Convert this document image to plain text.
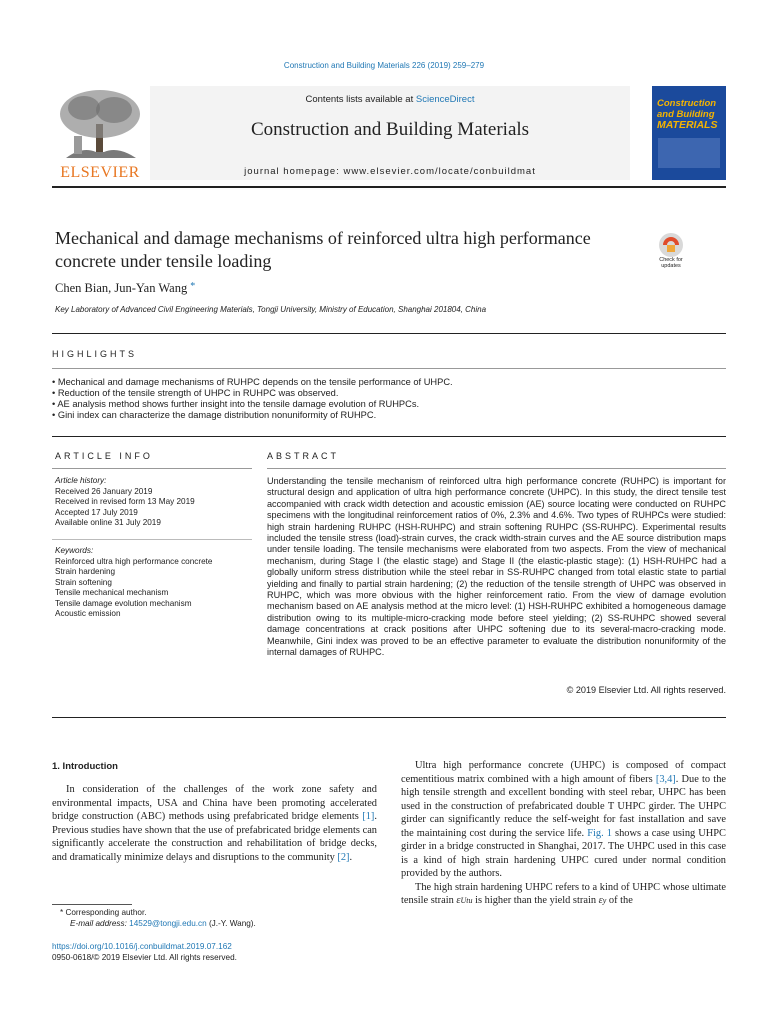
Construction and Building Materials 226 (2019) 259–279
ELSEVIER
Contents lists available at ScienceDirect
Construction and Building Materials
journal homepage: www.elsevier.com/locate/conbuildmat
Construction
and Building
MATERIALS
Mechanical and damage mechanisms of reinforced ultra high performance concrete under tensile loading	Check for updates
Chen Bian, Jun-Yan Wang *
Key Laboratory of Advanced Civil Engineering Materials, Tongji University, Ministry of Education, Shanghai 201804, China
HIGHLIGHTS
• Mechanical and damage mechanisms of RUHPC depends on the tensile performance of UHPC.
• Reduction of the tensile strength of UHPC in RUHPC was observed.
• AE analysis method shows further insight into the tensile damage evolution of RUHPCs.
• Gini index can characterize the damage distribution nonuniformity of RUHPC.
ARTICLE INFO
Article history:
Received 26 January 2019
Received in revised form 13 May 2019
Accepted 17 July 2019
Available online 31 July 2019
Keywords:
Reinforced ultra high performance concrete
Strain hardening
Strain softening
Tensile mechanical mechanism
Tensile damage evolution mechanism
Acoustic emission
ABSTRACT
Understanding the tensile mechanism of reinforced ultra high performance concrete (RUHPC) is important for structural design and application of ultra high performance concrete (UHPC). In this study, the direct tensile test accompanied with crack width detection and acoustic emission (AE) source locating were conducted on RUHPC specimens with the longitudinal reinforcement ratios of 0%, 2.3% and 4.6%. Two types of RUHPCs were studied: high strain hardening RUHPC (HSH-RUHPC) and strain softening RUHPC (SS-RUHPC). Experimental results included the tensile stress (load)-strain curves, the crack width-strain curves and the AE source distribution maps under tensile loading. The tensile mechanisms were elaborated from two aspects. From the view of mechanical mechanism, during Stage I (the elastic stage) and Stage II (the elastic-plastic stage): (1) HSH-RUHPC had a globally uniform stress distribution while the steel rebar in SS-RUHPC changed from total elastic state to partial yielding and finally to partial strain hardening; (2) the reduction of the tensile strength of UHPC was observed in RUHPC, which was more obvious with the higher reinforcement ratio. From the view of damage evolution mechanism based on AE analysis method at the micro level: (1) HSH-RUHPC exhibited a homogeneous damage distribution owing to its multiple-micro-cracking mode before steel yielding; (2) SS-RUHPC showed several damage concentrations at crack positions after UHPC softening due to its several-macro-cracking mode. Meanwhile, Gini index was proved to be an effective parameter to evaluate the distribution nonuniformity of the internal damages of RUHPC.
© 2019 Elsevier Ltd. All rights reserved.
1. Introduction

In consideration of the challenges of the work zone safety and environmental impacts, USA and China have been promoting accelerated bridge construction (ABC) methods using prefabricated bridge elements [1]. Previous studies have shown that the use of prefabricated bridge elements can significantly accelerate the construction and rehabilitation of bridge decks, and dramatically minimize delays and disruptions to the community [2].

* Corresponding author.
E-mail address: 14529@tongji.edu.cn (J.-Y. Wang).
https://doi.org/10.1016/j.conbuildmat.2019.07.162
0950-0618/© 2019 Elsevier Ltd. All rights reserved.

Ultra high performance concrete (UHPC) is composed of compact cementitious matrix combined with a high amount of fibers [3,4]. Due to the high tensile strength and excellent bonding with steel rebar, UHPC has been used in the construction of prefabricated double T UHPC girder. The UHPC girder can significantly reduce the self-weight for fast installation and save the maintaining cost during the service life. Fig. 1 shows a case using UHPC girder in a bridge constructed in Shanghai, 2017. The UHPC used in this case is a kind of high strain hardening UHPC cured under normal condition provided by the authors.

The high strain hardening UHPC refers to a kind of UHPC whose ultimate tensile strain εUtu is higher than the yield strain εy of the
